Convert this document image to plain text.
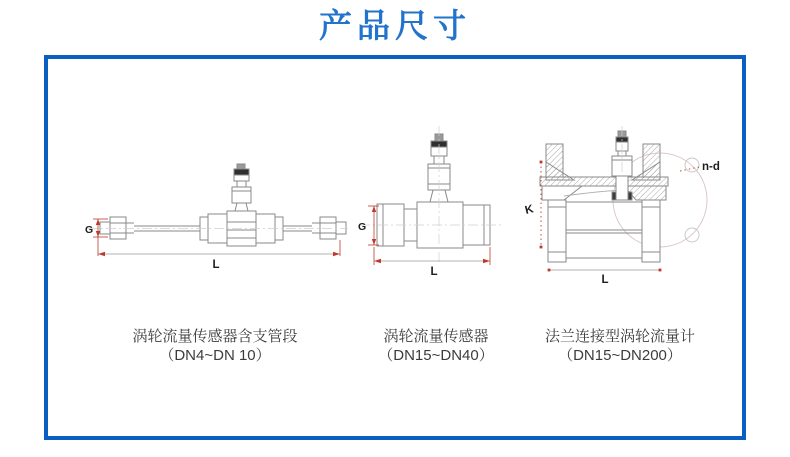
产品尺寸
G
L
G
L
K
L
n-d
涡轮流量传感器含支管段
（DN4~DN 10）
涡轮流量传感器
（DN15~DN40）
法兰连接型涡轮流量计
（DN15~DN200）
